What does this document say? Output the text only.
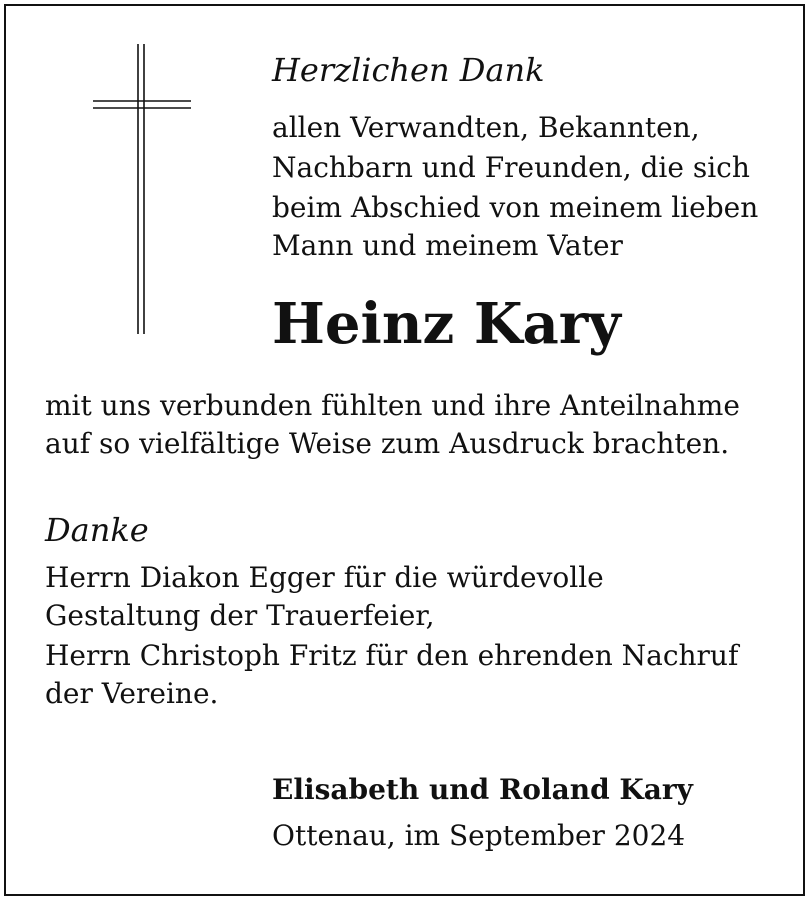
Herzlichen Dank
allen Verwandten, Bekannten,
Nachbarn und Freunden, die sich
beim Abschied von meinem lieben
Mann und meinem Vater
Heinz Kary
mit uns verbunden fühlten und ihre Anteilnahme
auf so vielfältige Weise zum Ausdruck brachten.
Danke
Herrn Diakon Egger für die würdevolle
Gestaltung der Trauerfeier,
Herrn Christoph Fritz für den ehrenden Nachruf
der Vereine.
Elisabeth und Roland Kary
Ottenau, im September 2024
